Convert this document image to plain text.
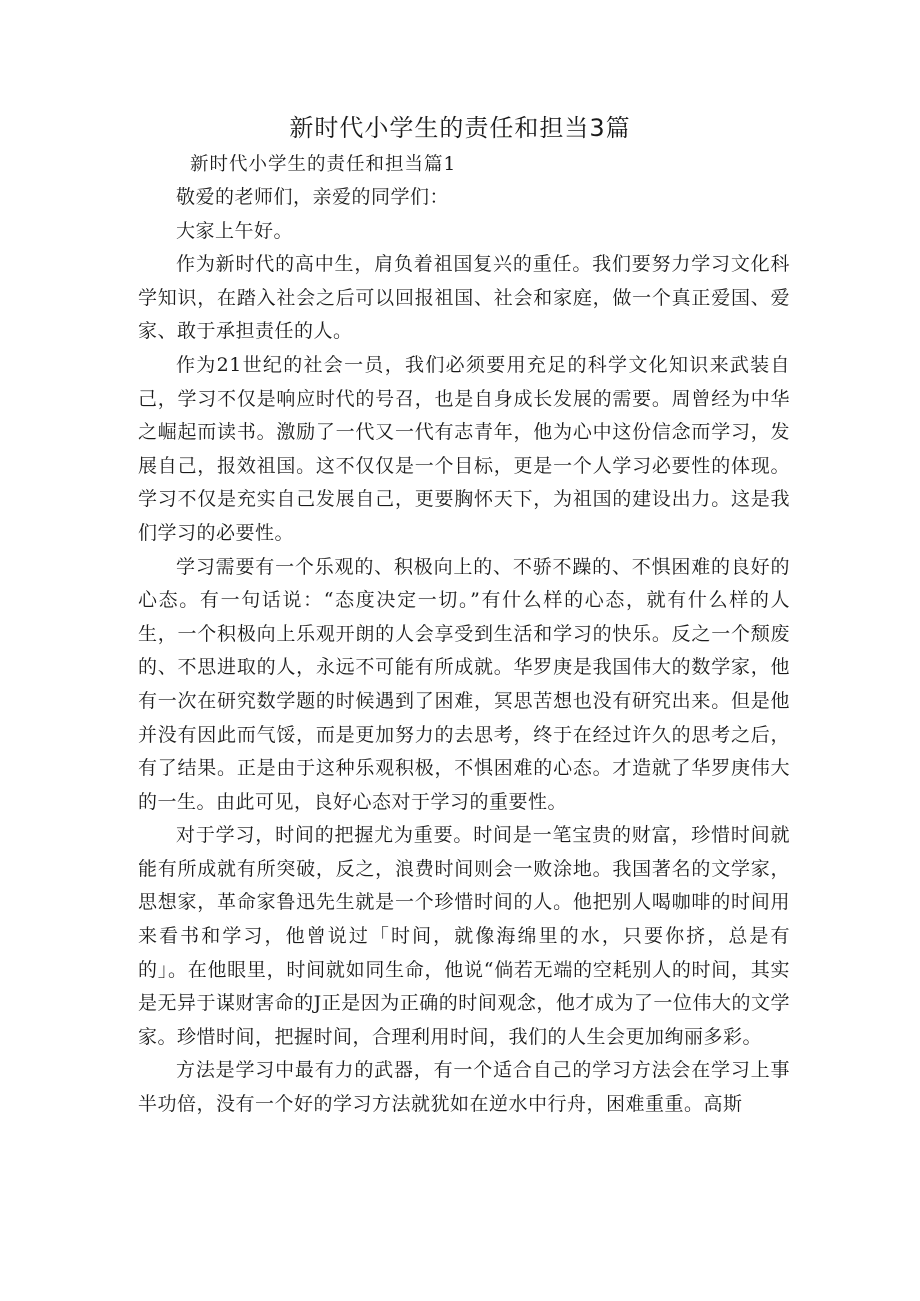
新时代小学生的责任和担当3篇

新时代小学生的责任和担当篇1

敬爱的老师们，亲爱的同学们：

大家上午好。

作为新时代的高中生，肩负着祖国复兴的重任。我们要努力学习文化科学知识，在踏入社会之后可以回报祖国、社会和家庭，做一个真正爱国、爱家、敢于承担责任的人。

作为21世纪的社会一员，我们必须要用充足的科学文化知识来武装自己，学习不仅是响应时代的号召，也是自身成长发展的需要。周曾经为中华之崛起而读书。激励了一代又一代有志青年，他为心中这份信念而学习，发展自己，报效祖国。这不仅仅是一个目标，更是一个人学习必要性的体现。学习不仅是充实自己发展自己，更要胸怀天下，为祖国的建设出力。这是我们学习的必要性。

学习需要有一个乐观的、积极向上的、不骄不躁的、不惧困难的良好的心态。有一句话说：“态度决定一切。”有什么样的心态，就有什么样的人生，一个积极向上乐观开朗的人会享受到生活和学习的快乐。反之一个颓废的、不思进取的人，永远不可能有所成就。华罗庚是我国伟大的数学家，他有一次在研究数学题的时候遇到了困难，冥思苦想也没有研究出来。但是他并没有因此而气馁，而是更加努力的去思考，终于在经过许久的思考之后，有了结果。正是由于这种乐观积极，不惧困难的心态。才造就了华罗庚伟大的一生。由此可见，良好心态对于学习的重要性。

对于学习，时间的把握尤为重要。时间是一笔宝贵的财富，珍惜时间就能有所成就有所突破，反之，浪费时间则会一败涂地。我国著名的文学家，思想家，革命家鲁迅先生就是一个珍惜时间的人。他把别人喝咖啡的时间用来看书和学习，他曾说过「时间，就像海绵里的水，只要你挤，总是有的」。在他眼里，时间就如同生命，他说“倘若无端的空耗别人的时间，其实是无异于谋财害命的J正是因为正确的时间观念，他才成为了一位伟大的文学家。珍惜时间，把握时间，合理利用时间，我们的人生会更加绚丽多彩。

方法是学习中最有力的武器，有一个适合自己的学习方法会在学习上事半功倍，没有一个好的学习方法就犹如在逆水中行舟，困难重重。高斯
